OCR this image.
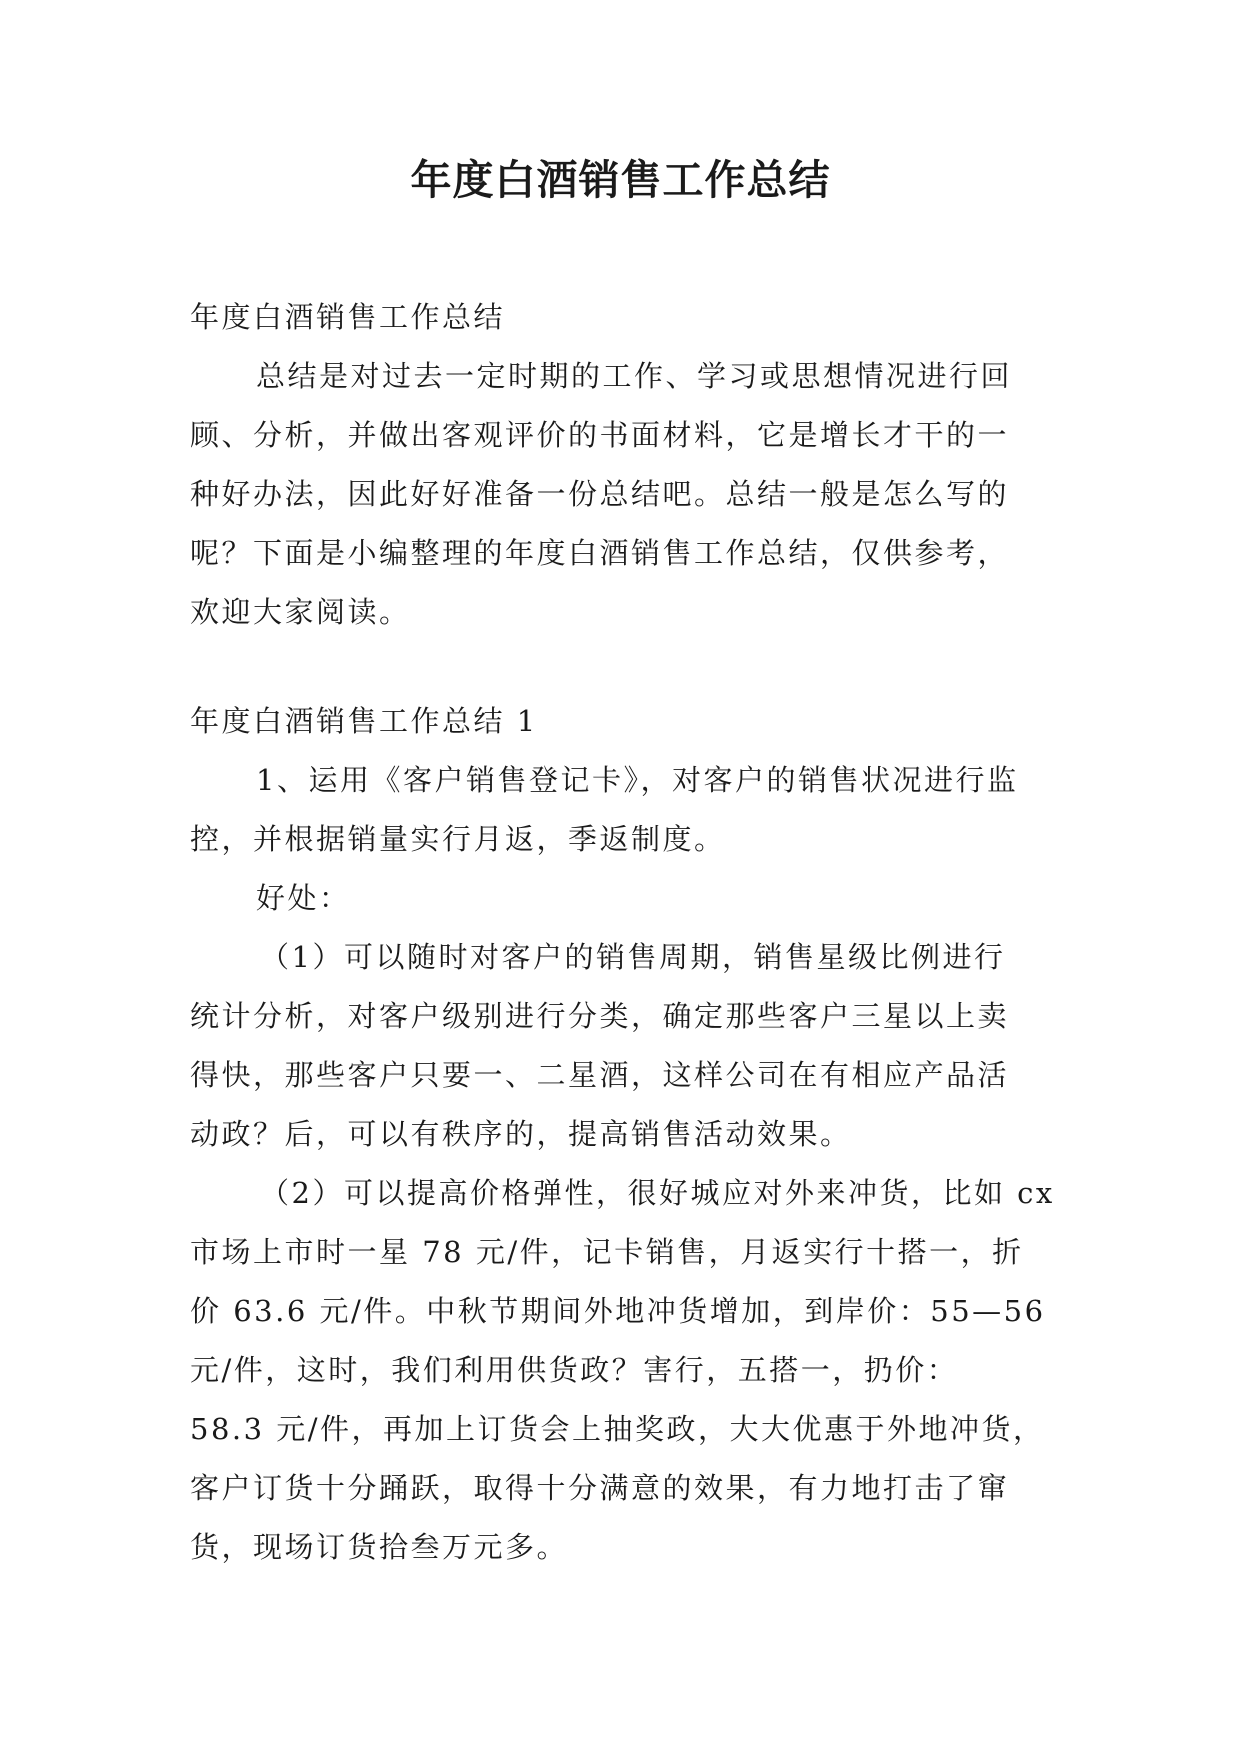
年度白酒销售工作总结
年度白酒销售工作总结
总结是对过去一定时期的工作、学习或思想情况进行回
顾、分析，并做出客观评价的书面材料，它是增长才干的一
种好办法，因此好好准备一份总结吧。总结一般是怎么写的
呢？下面是小编整理的年度白酒销售工作总结，仅供参考，
欢迎大家阅读。
年度白酒销售工作总结 1
1、运用《客户销售登记卡》，对客户的销售状况进行监
控，并根据销量实行月返，季返制度。
好处：
（1）可以随时对客户的销售周期，销售星级比例进行
统计分析，对客户级别进行分类，确定那些客户三星以上卖
得快，那些客户只要一、二星酒，这样公司在有相应产品活
动政？后，可以有秩序的，提高销售活动效果。
（2）可以提高价格弹性，很好城应对外来冲货，比如 cx
市场上市时一星 78 元/件，记卡销售，月返实行十搭一，折
价 63.6 元/件。中秋节期间外地冲货增加，到岸价：55—56
元/件，这时，我们利用供货政？害行，五搭一，扔价：
58.3 元/件，再加上订货会上抽奖政，大大优惠于外地冲货，
客户订货十分踊跃，取得十分满意的效果，有力地打击了窜
货，现场订货拾叁万元多。
